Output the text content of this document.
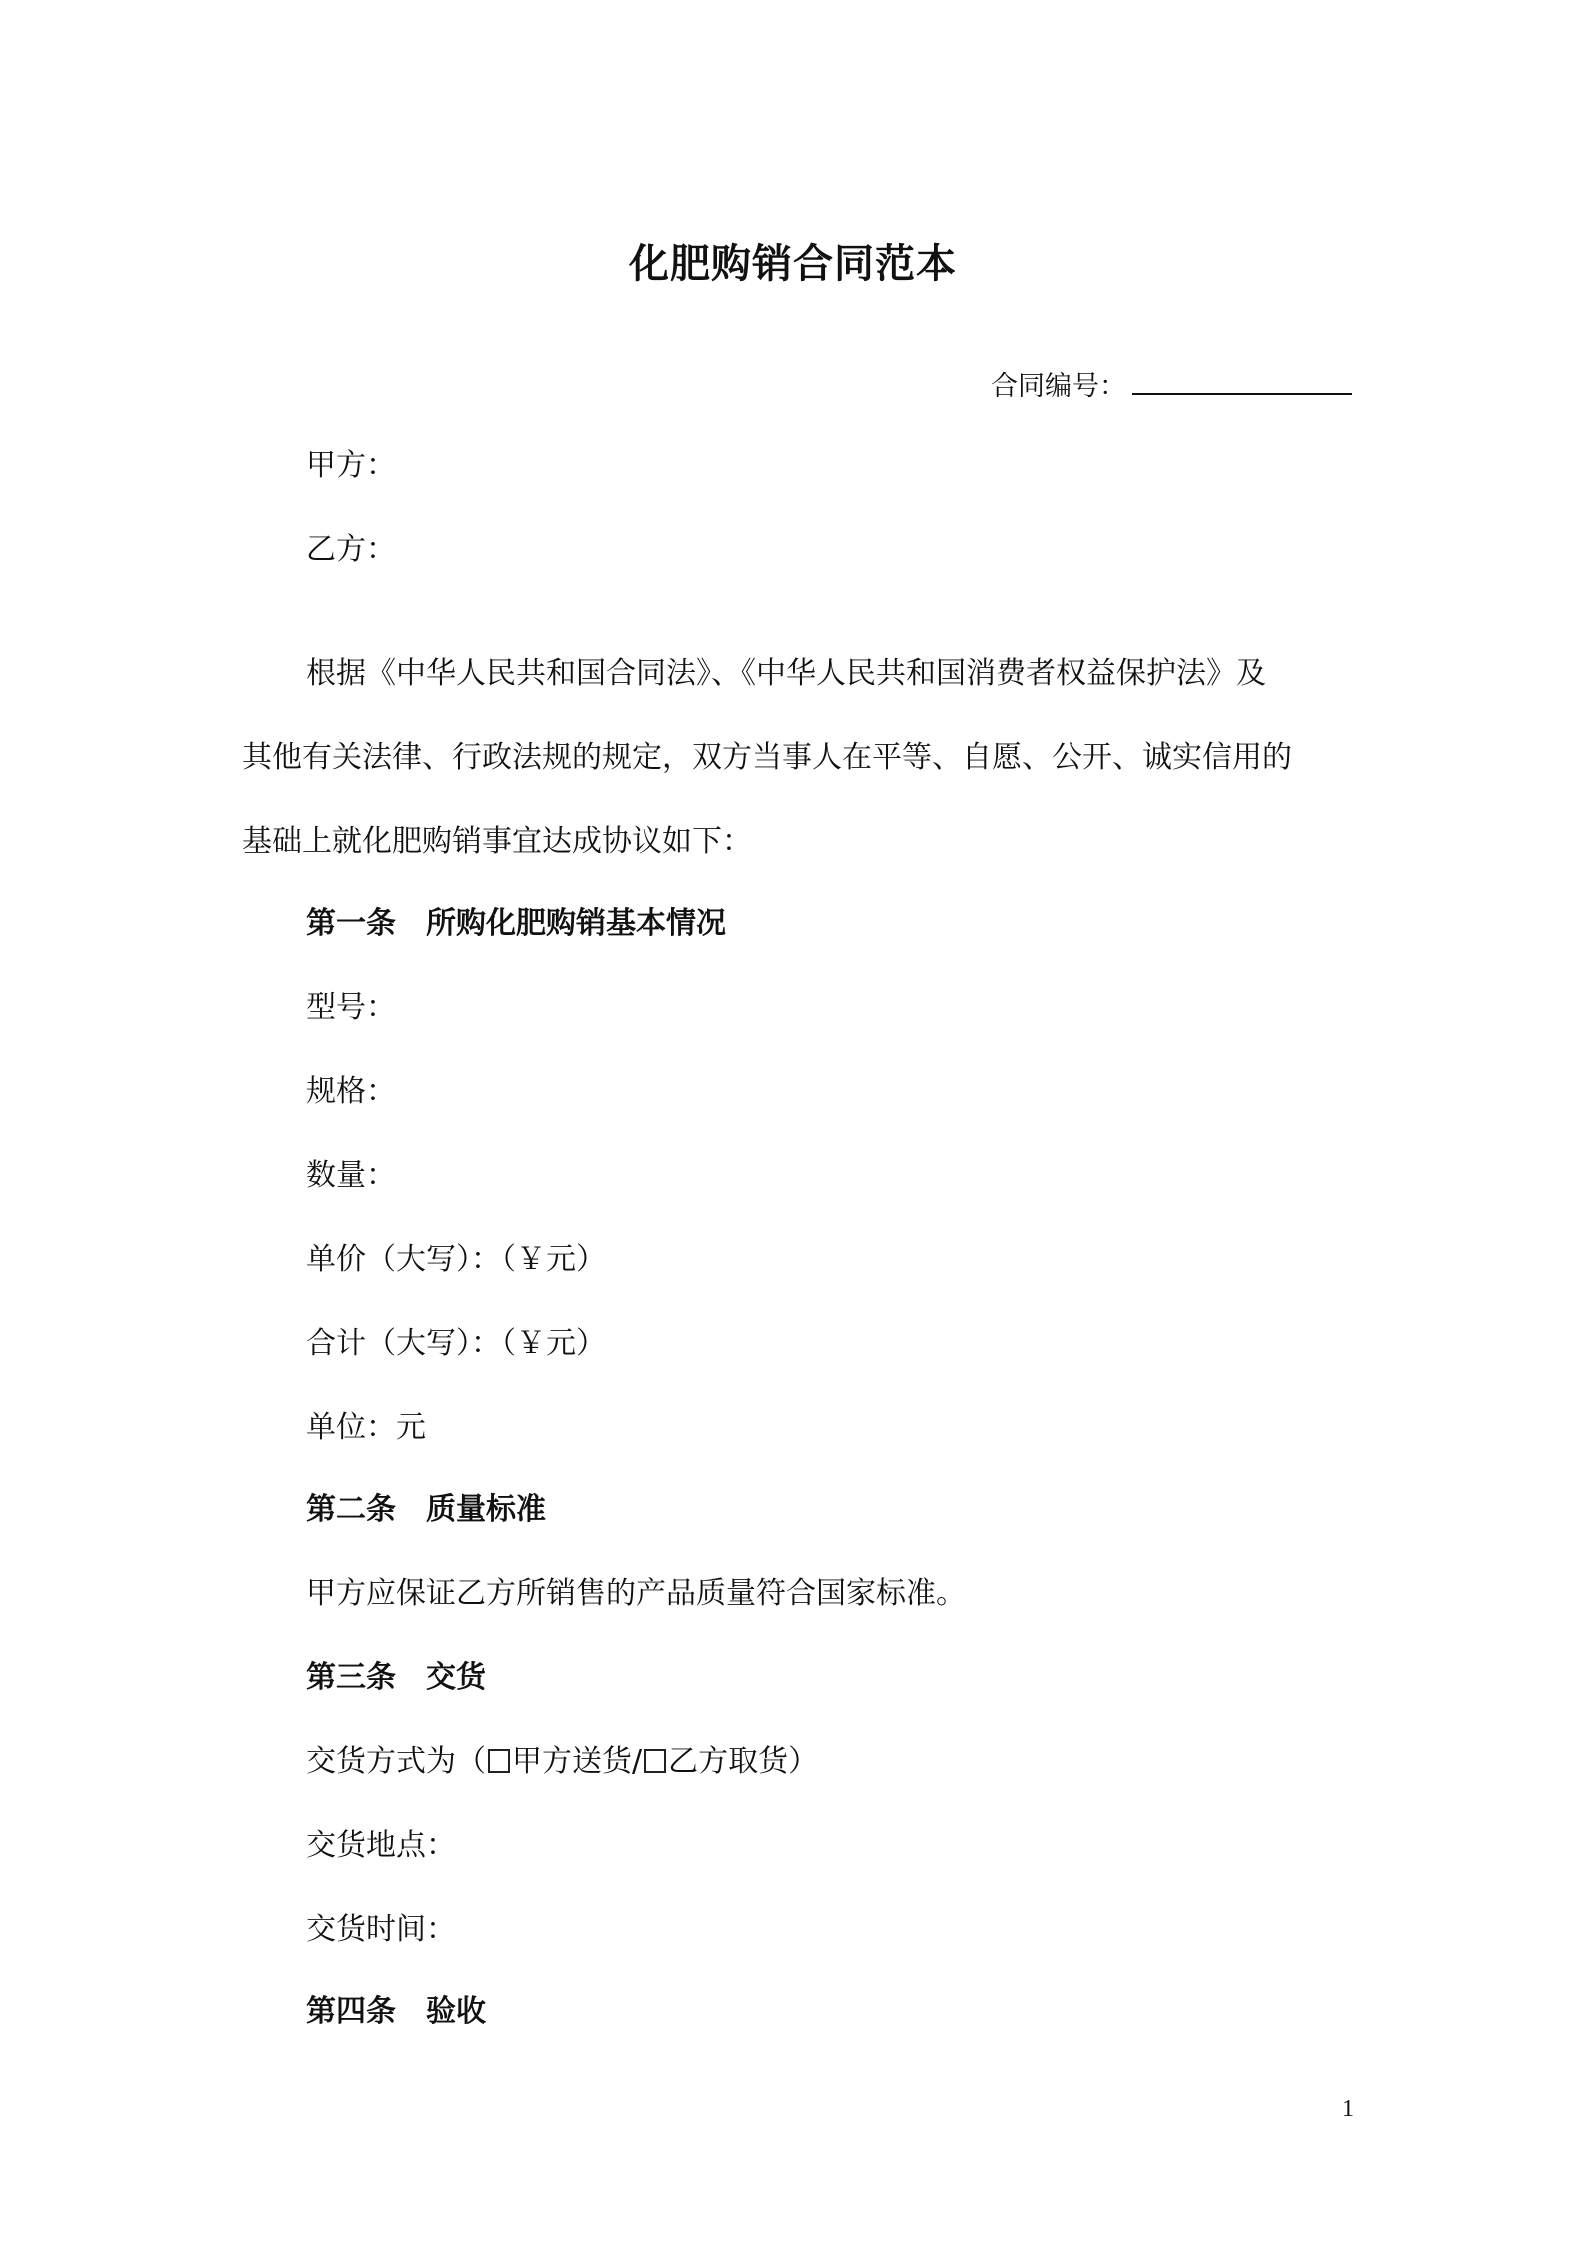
化肥购销合同范本
合同编号：
甲方：
乙方：
根据《中华人民共和国合同法》、《中华人民共和国消费者权益保护法》及
其他有关法律、行政法规的规定，双方当事人在平等、自愿、公开、诚实信用的
基础上就化肥购销事宜达成协议如下：
第一条 所购化肥购销基本情况
型号：
规格：
数量：
单价（大写）：（￥元）
合计（大写）：（￥元）
单位：元
第二条 质量标准
甲方应保证乙方所销售的产品质量符合国家标准。
第三条 交货
交货方式为（ 甲方送货/ 乙方取货）
交货地点：
交货时间：
第四条 验收
1
